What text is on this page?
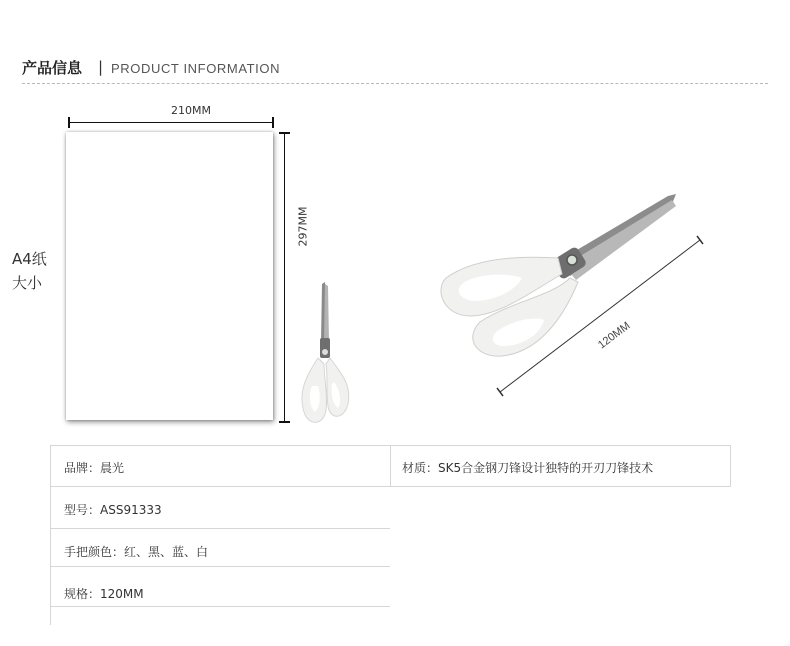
产品信息 | PRODUCT INFORMATION
A4纸
大小
210MM
297MM
120MM
品牌：晨光	材质：SK5合金钢刀锋设计独特的开刃刀锋技术
型号：ASS91333
手把颜色：红、黑、蓝、白
规格：120MM
